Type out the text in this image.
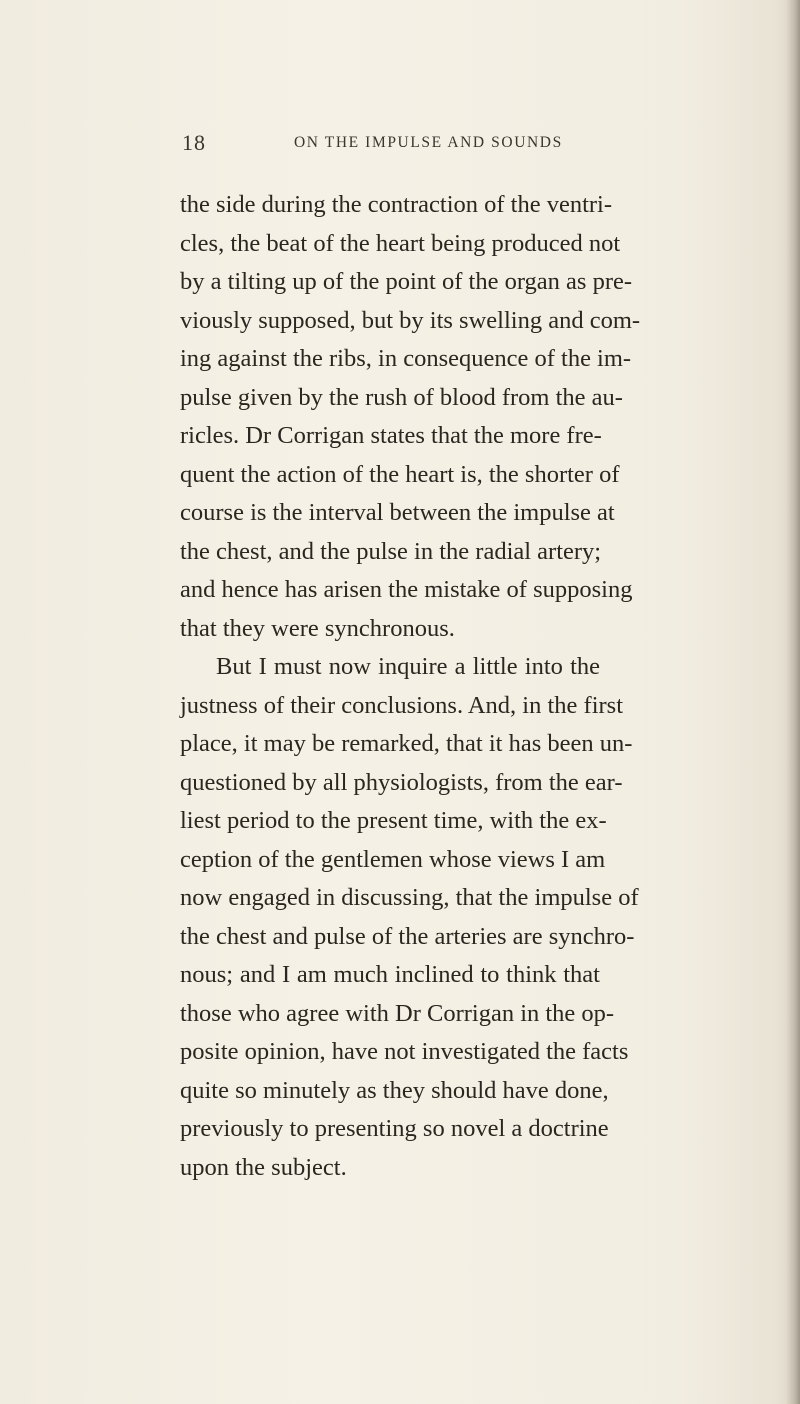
18	ON THE IMPULSE AND SOUNDS
the side during the contraction of the ventri-
cles, the beat of the heart being produced not
by a tilting up of the point of the organ as pre-
viously supposed, but by its swelling and com-
ing against the ribs, in consequence of the im-
pulse given by the rush of blood from the au-
ricles. Dr Corrigan states that the more fre-
quent the action of the heart is, the shorter of
course is the interval between the impulse at
the chest, and the pulse in the radial artery;
and hence has arisen the mistake of supposing
that they were synchronous.
But I must now inquire a little into the
justness of their conclusions. And, in the first
place, it may be remarked, that it has been un-
questioned by all physiologists, from the ear-
liest period to the present time, with the ex-
ception of the gentlemen whose views I am
now engaged in discussing, that the impulse of
the chest and pulse of the arteries are synchro-
nous; and I am much inclined to think that
those who agree with Dr Corrigan in the op-
posite opinion, have not investigated the facts
quite so minutely as they should have done,
previously to presenting so novel a doctrine
upon the subject.
